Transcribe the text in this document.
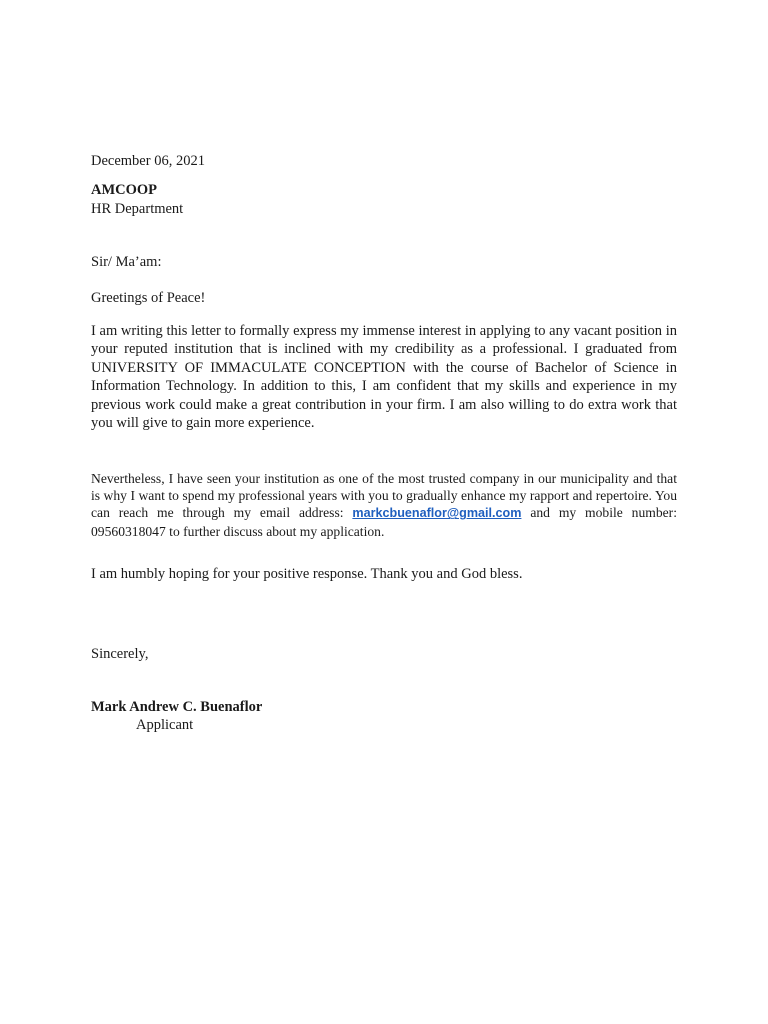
December 06, 2021

AMCOOP

HR Department

Sir/ Ma’am:

Greetings of Peace!

I am writing this letter to formally express my immense interest in applying to any vacant position in your reputed institution that is inclined with my credibility as a professional. I graduated from UNIVERSITY OF IMMACULATE CONCEPTION with the course of Bachelor of Science in Information Technology. In addition to this, I am confident that my skills and experience in my previous work could make a great contribution in your firm. I am also willing to do extra work that you will give to gain more experience.

Nevertheless, I have seen your institution as one of the most trusted company in our municipality and that is why I want to spend my professional years with you to gradually enhance my rapport and repertoire. You can reach me through my email address: markcbuenaflor@gmail.com and my mobile number: 09560318047 to further discuss about my application.

I am humbly hoping for your positive response. Thank you and God bless.

Sincerely,

Mark Andrew C. Buenaflor

Applicant
